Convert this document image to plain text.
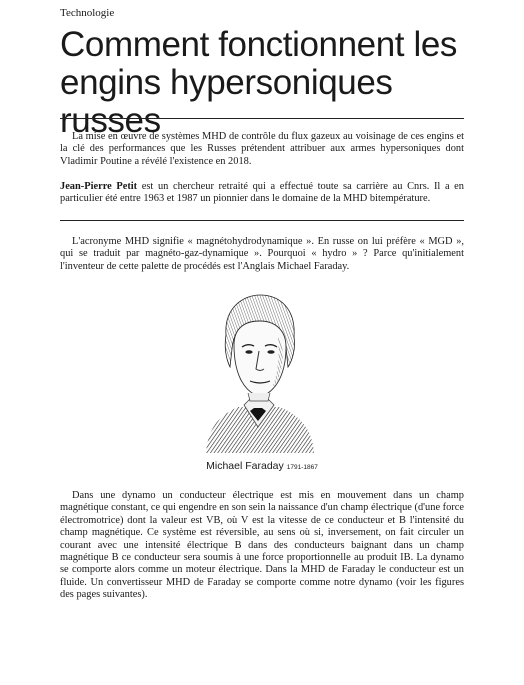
Technologie
Comment fonctionnent les engins hypersoniques russes

La mise en œuvre de systèmes MHD de contrôle du flux gazeux au voisinage de ces engins et la clé des performances que les Russes prétendent attribuer aux armes hypersoniques dont Vladimir Poutine a révélé l'existence en 2018.

Jean-Pierre Petit est un chercheur retraité qui a effectué toute sa carrière au Cnrs. Il a en particulier été entre 1963 et 1987 un pionnier dans le domaine de la MHD bitempérature.

L'acronyme MHD signifie « magnétohydrodynamique ». En russe on lui préfère « MGD », qui se traduit par magnéto-gaz-dynamique ». Pourquoi « hydro » ? Parce qu'initialement l'inventeur de cette palette de procédés est l'Anglais Michael Faraday.

Michael Faraday 1791-1867

Dans une dynamo un conducteur électrique est mis en mouvement dans un champ magnétique constant, ce qui engendre en son sein la naissance d'un champ électrique (d'une force électromotrice) dont la valeur est VB, où V est la vitesse de ce conducteur et B l'intensité du champ magnétique. Ce système est réversible, au sens où si, inversement, on fait circuler un courant avec une intensité électrique B dans des conducteurs baignant dans un champ magnétique B ce conducteur sera soumis à une force proportionnelle au produit IB. La dynamo se comporte alors comme un moteur électrique. Dans la MHD de Faraday le conducteur est un fluide. Un convertisseur MHD de Faraday se comporte comme notre dynamo (voir les figures des pages suivantes).
